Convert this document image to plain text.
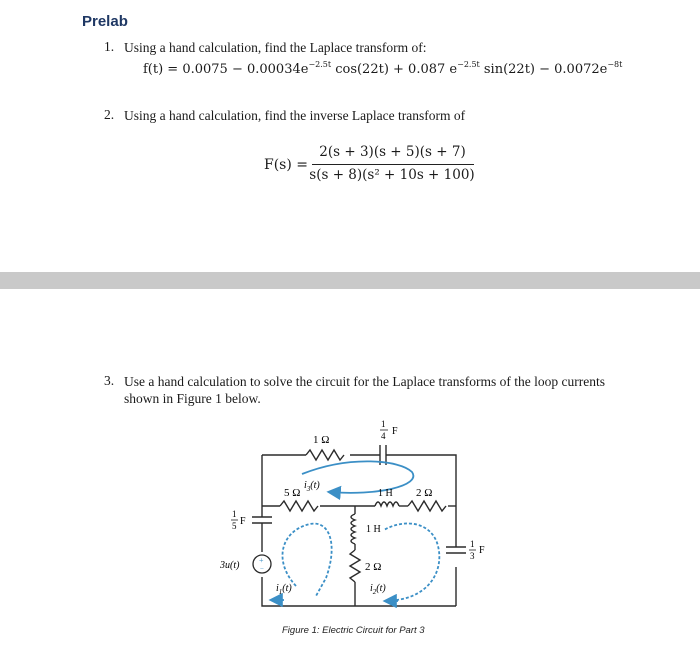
Prelab
1. Using a hand calculation, find the Laplace transform of:
$f(t) = 0.0075 - 0.00034e^{-2.5t}$ cos(22t) + 0.087 $e^{-2.5t}$ $\sin(22t) - 0.0072e^{-8t}$
2. Using a hand calculation, find the inverse Laplace transform of
F(s) =
2(s + 3)(s + 5)(s + 7)
s(s + 8)(s² + 10s + 100)
3. Use a hand calculation to solve the circuit for the Laplace transforms of the loop currents
shown in Figure 1 below.
+
−
1 Ω
1
4 F
5 Ω
$i_3(t)$
1 H 2 Ω
1 H
2 Ω
1
5 F
1
3 F
3u(t)
$i_1(t)$	$i_2(t)$
Figure 1: Electric Circuit for Part 3
